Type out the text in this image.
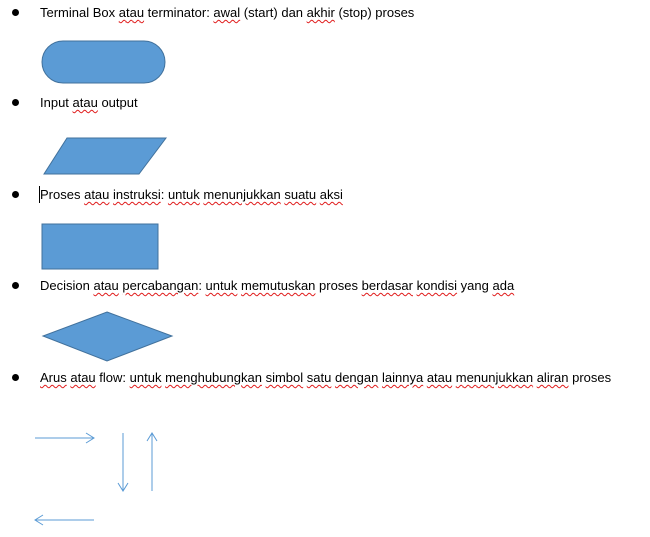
Terminal Box atau terminator: awal (start) dan akhir (stop) proses
Input atau output
Proses atau instruksi: untuk menunjukkan suatu aksi
Decision atau percabangan: untuk memutuskan proses berdasar kondisi yang ada
Arus atau flow: untuk menghubungkan simbol satu dengan lainnya atau menunjukkan aliran proses
